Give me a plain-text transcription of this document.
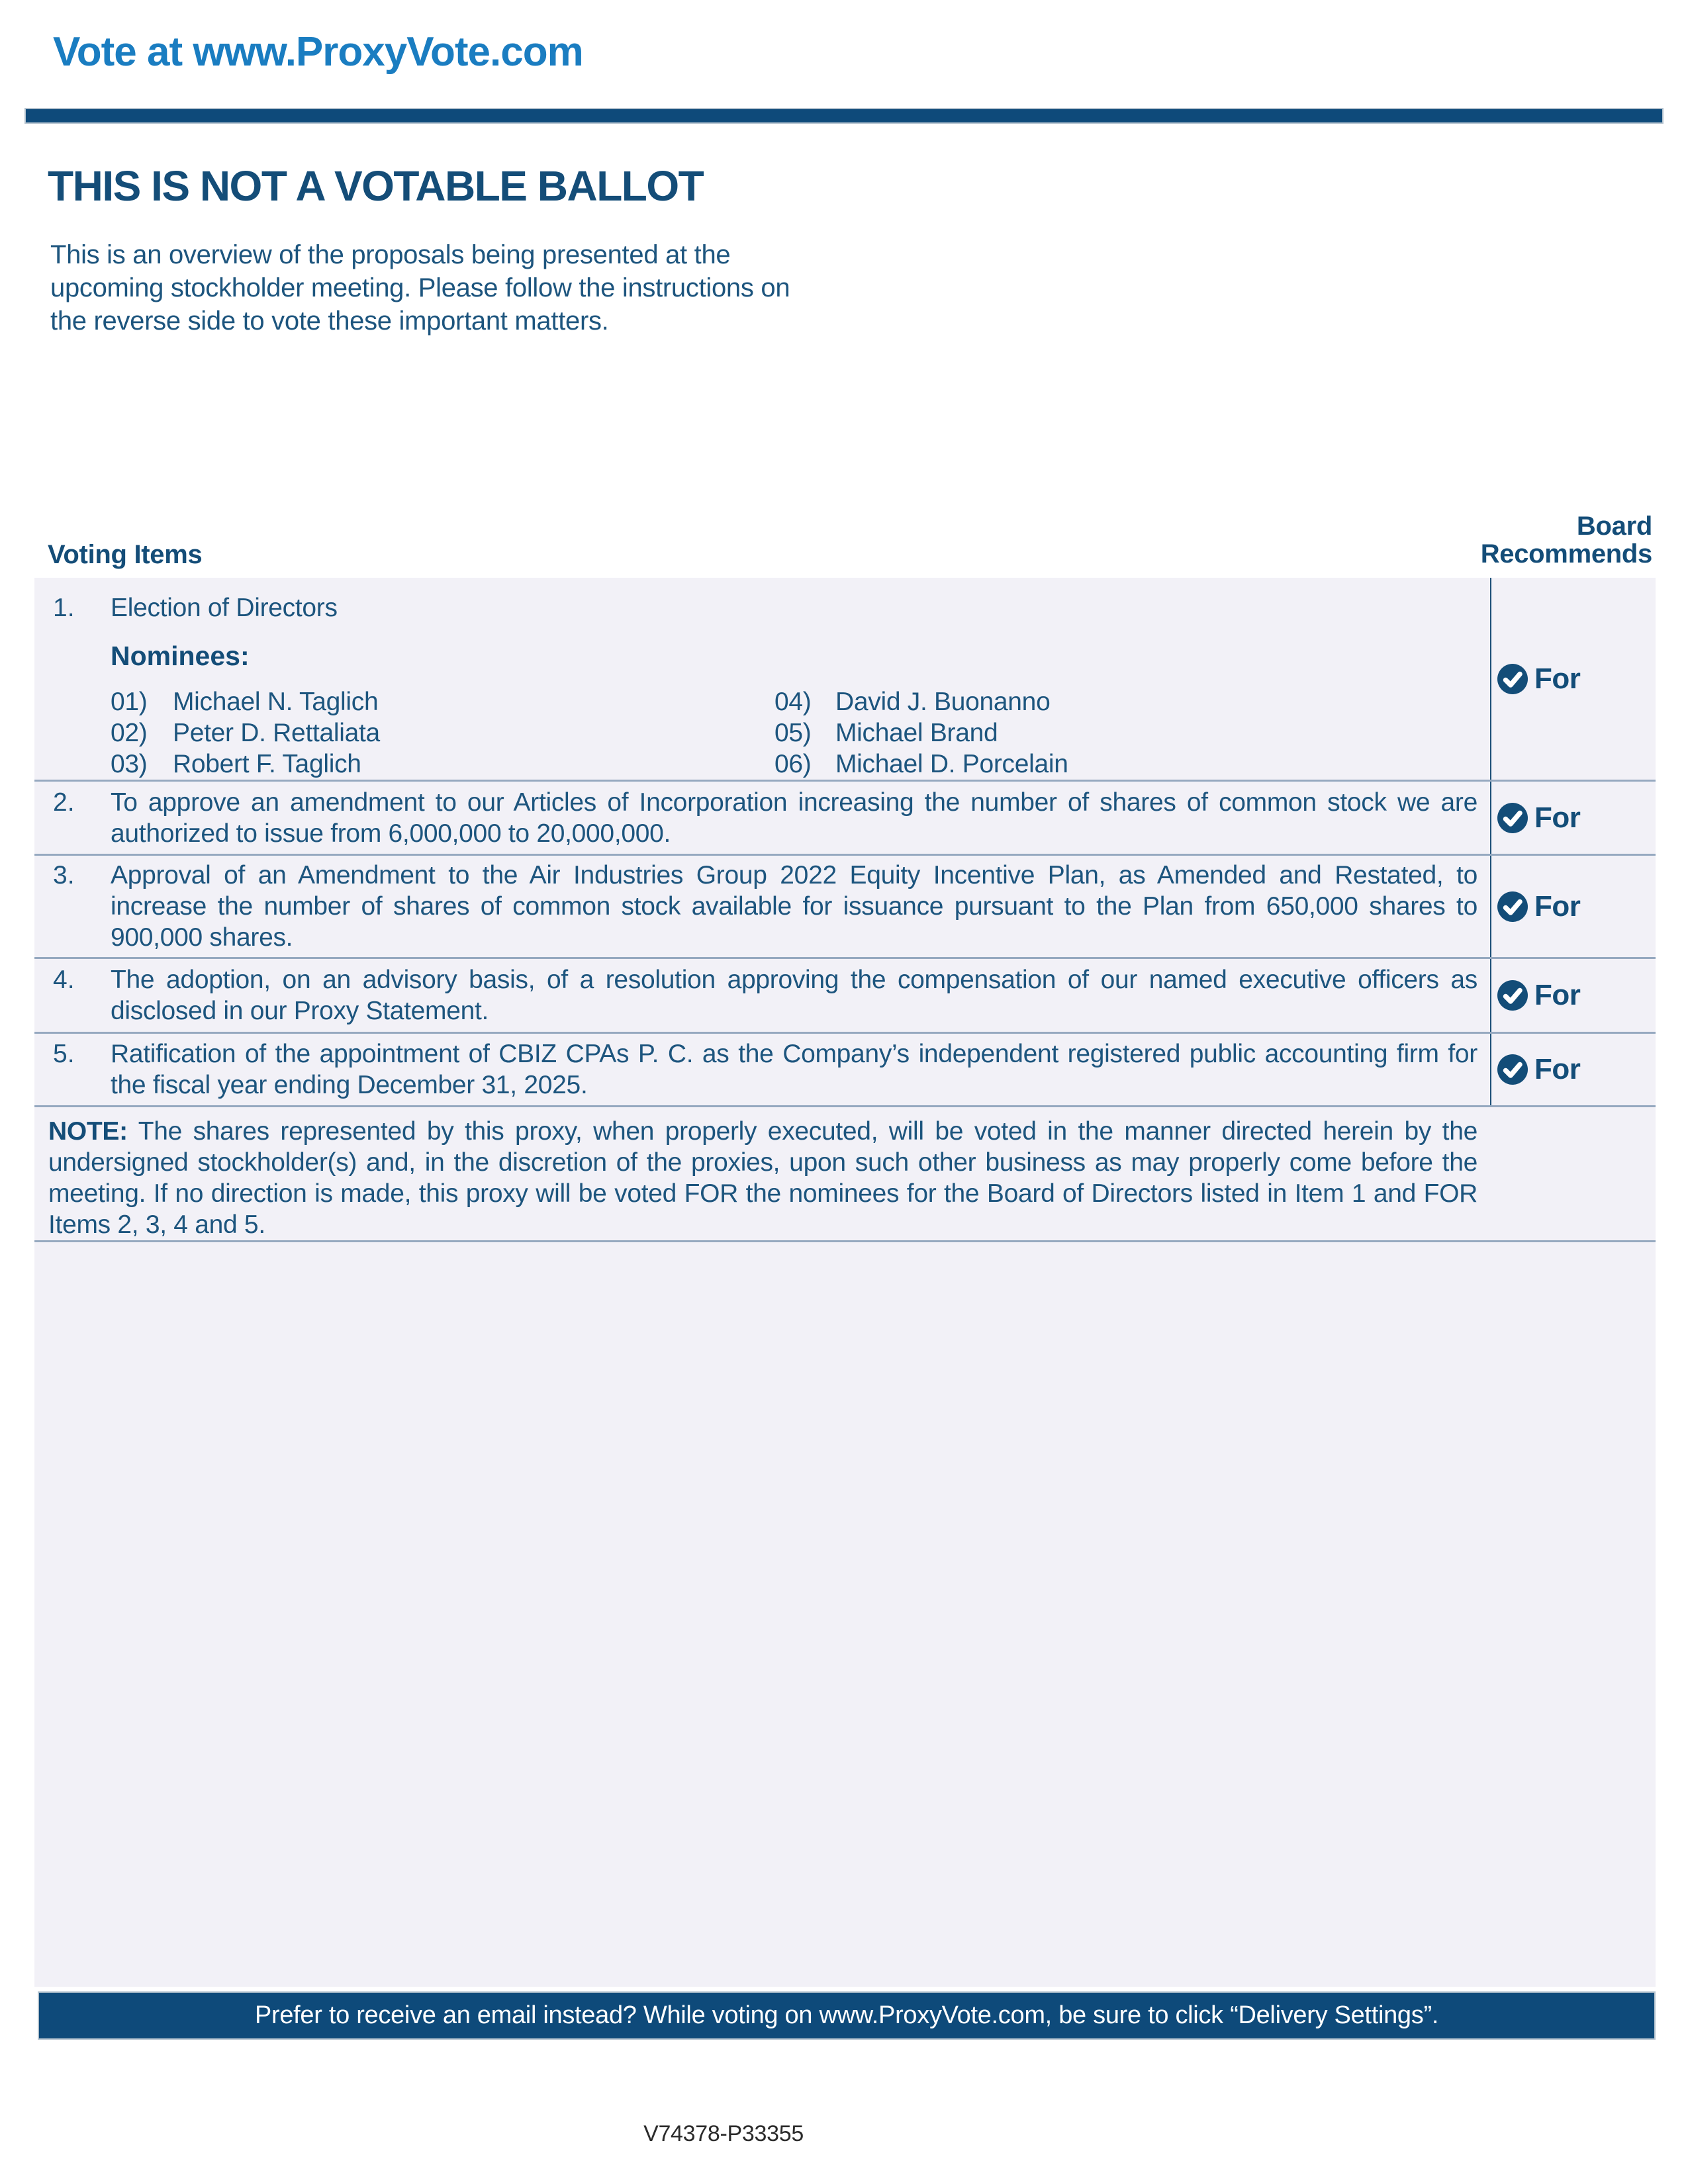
Vote at www.ProxyVote.com
THIS IS NOT A VOTABLE BALLOT
This is an overview of the proposals being presented at the
upcoming stockholder meeting. Please follow the instructions on
the reverse side to vote these important matters.
Voting Items
Board
Recommends
1.	Election of Directors
Nominees:
01) Michael N. Taglich	04) David J. Buonanno
02) Peter D. Rettaliata	05) Michael Brand
03) Robert F. Taglich	06) Michael D. Porcelain
For
2.	To approve an amendment to our Articles of Incorporation increasing the number of shares of common stock we are authorized to issue from 6,000,000 to 20,000,000.	For
3.	Approval of an Amendment to the Air Industries Group 2022 Equity Incentive Plan, as Amended and Restated, to increase the number of shares of common stock available for issuance pursuant to the Plan from 650,000 shares to 900,000 shares.
For
4.	The adoption, on an advisory basis, of a resolution approving the compensation of our named executive officers as disclosed in our Proxy Statement.	For
5.	Ratification of the appointment of CBIZ CPAs P. C. as the Company’s independent registered public accounting firm for the fiscal year ending December 31, 2025.	For

NOTE: The shares represented by this proxy, when properly executed, will be voted in the manner directed herein by the undersigned stockholder(s) and, in the discretion of the proxies, upon such other business as may properly come before the meeting. If no direction is made, this proxy will be voted FOR the nominees for the Board of Directors listed in Item 1 and FOR Items 2, 3, 4 and 5.

Prefer to receive an email instead? While voting on www.ProxyVote.com, be sure to click “Delivery Settings”.
V74378-P33355
